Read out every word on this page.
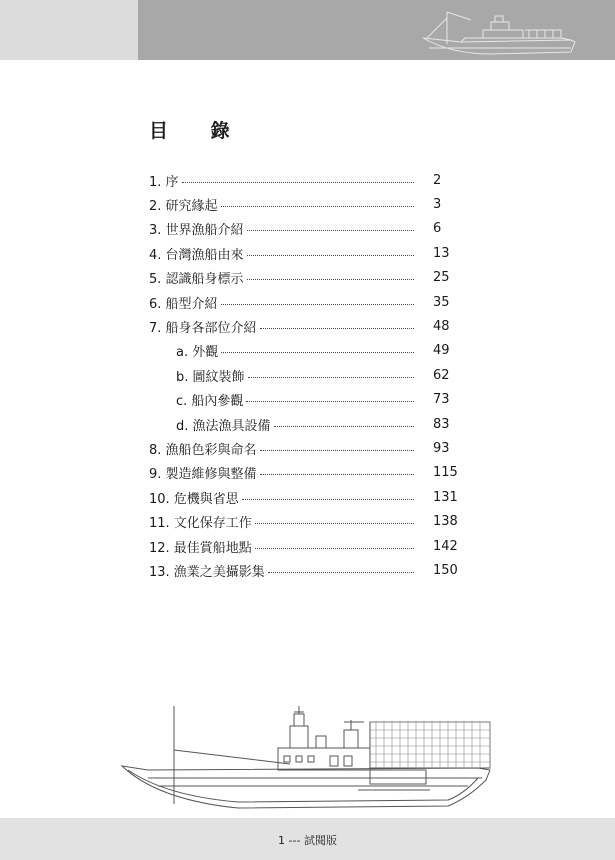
目 錄
1. 序	2
2. 研究緣起	3
3. 世界漁船介紹	6
4. 台灣漁船由來	13
5. 認識船身標示	25
6. 船型介紹	35
7. 船身各部位介紹	48
a. 外觀	49
b. 圖紋裝飾	62
c. 船內參觀	73
d. 漁法漁具設備	83
8. 漁船色彩與命名	93
9. 製造維修與整備	115
10. 危機與省思	131
11. 文化保存工作	138
12. 最佳賞船地點	142
13. 漁業之美攝影集	150
1 --- 試閱版
